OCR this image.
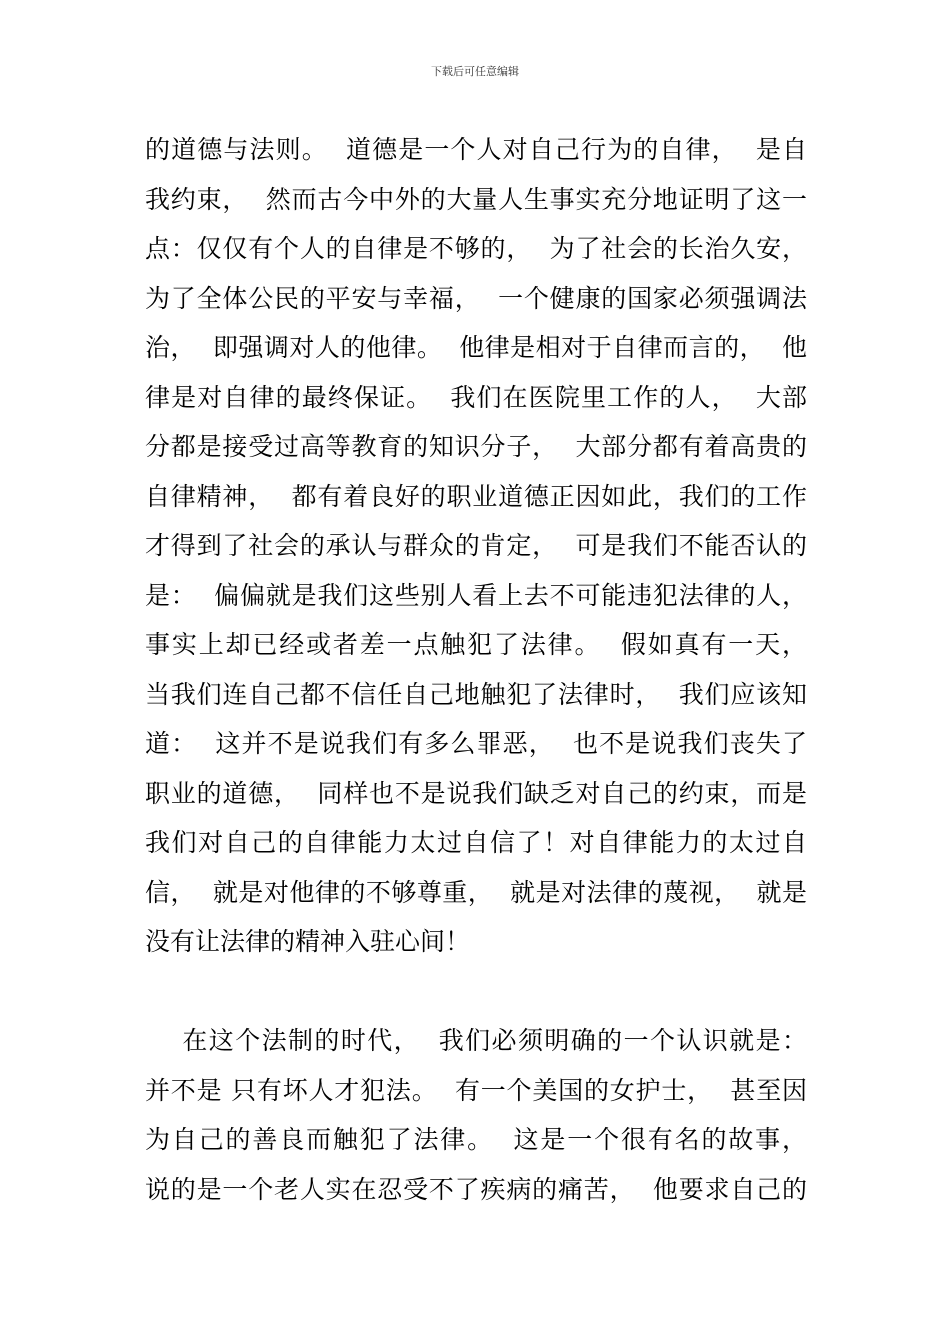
下载后可任意编辑
的道德与法则。  道德是一个人对自己行为的自律，  是自
我约束，  然而古今中外的大量人生事实充分地证明了这一
点：仅仅有个人的自律是不够的，  为了社会的长治久安，
为了全体公民的平安与幸福，  一个健康的国家必须强调法
治，  即强调对人的他律。  他律是相对于自律而言的，  他
律是对自律的最终保证。  我们在医院里工作的人，  大部
分都是接受过高等教育的知识分子，  大部分都有着高贵的
自律精神，  都有着良好的职业道德正因如此，我们的工作
才得到了社会的承认与群众的肯定，  可是我们不能否认的
是：  偏偏就是我们这些别人看上去不可能违犯法律的人，
事实上却已经或者差一点触犯了法律。  假如真有一天，
当我们连自己都不信任自己地触犯了法律时，  我们应该知
道：  这并不是说我们有多么罪恶，  也不是说我们丧失了
职业的道德，  同样也不是说我们缺乏对自己的约束，而是
我们对自己的自律能力太过自信了！对自律能力的太过自
信，  就是对他律的不够尊重，  就是对法律的蔑视，  就是
没有让法律的精神入驻心间！
在这个法制的时代，  我们必须明确的一个认识就是：
并不是 只有坏人才犯法。  有一个美国的女护士，  甚至因
为自己的善良而触犯了法律。  这是一个很有名的故事，
说的是一个老人实在忍受不了疾病的痛苦，  他要求自己的
